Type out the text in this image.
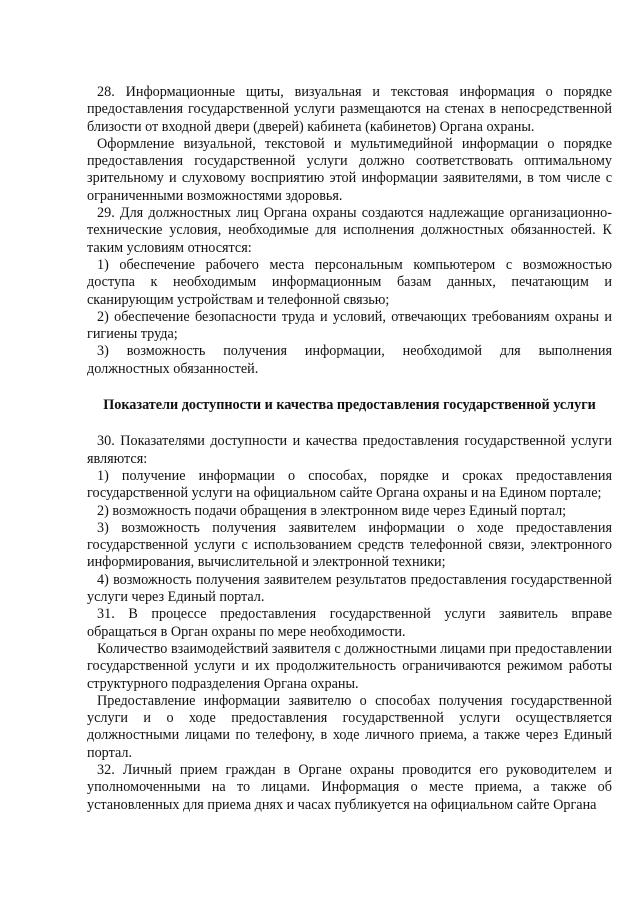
28. Информационные щиты, визуальная и текстовая информация о порядке предоставления государственной услуги размещаются на стенах в непосредственной близости от входной двери (дверей) кабинета (кабинетов) Органа охраны.

Оформление визуальной, текстовой и мультимедийной информации о порядке предоставления государственной услуги должно соответствовать оптимальному зрительному и слуховому восприятию этой информации заявителями, в том числе с ограниченными возможностями здоровья.

29. Для должностных лиц Органа охраны создаются надлежащие организационно-технические условия, необходимые для исполнения должностных обязанностей. К таким условиям относятся:

1) обеспечение рабочего места персональным компьютером с возможностью доступа к необходимым информационным базам данных, печатающим и сканирующим устройствам и телефонной связью;

2) обеспечение безопасности труда и условий, отвечающих требованиям охраны и гигиены труда;

3) возможность получения информации, необходимой для выполнения должностных обязанностей.

Показатели доступности и качества предоставления государственной услуги

30. Показателями доступности и качества предоставления государственной услуги являются:

1) получение информации о способах, порядке и сроках предоставления государственной услуги на официальном сайте Органа охраны и на Едином портале;

2) возможность подачи обращения в электронном виде через Единый портал;

3) возможность получения заявителем информации о ходе предоставления государственной услуги с использованием средств телефонной связи, электронного информирования, вычислительной и электронной техники;

4) возможность получения заявителем результатов предоставления государственной услуги через Единый портал.

31. В процессе предоставления государственной услуги заявитель вправе обращаться в Орган охраны по мере необходимости.

Количество взаимодействий заявителя с должностными лицами при предоставлении государственной услуги и их продолжительность ограничиваются режимом работы структурного подразделения Органа охраны.

Предоставление информации заявителю о способах получения государственной услуги и о ходе предоставления государственной услуги осуществляется должностными лицами по телефону, в ходе личного приема, а также через Единый портал.

32. Личный прием граждан в Органе охраны проводится его руководителем и уполномоченными на то лицами. Информация о месте приема, а также об установленных для приема днях и часах публикуется на официальном сайте Органа
